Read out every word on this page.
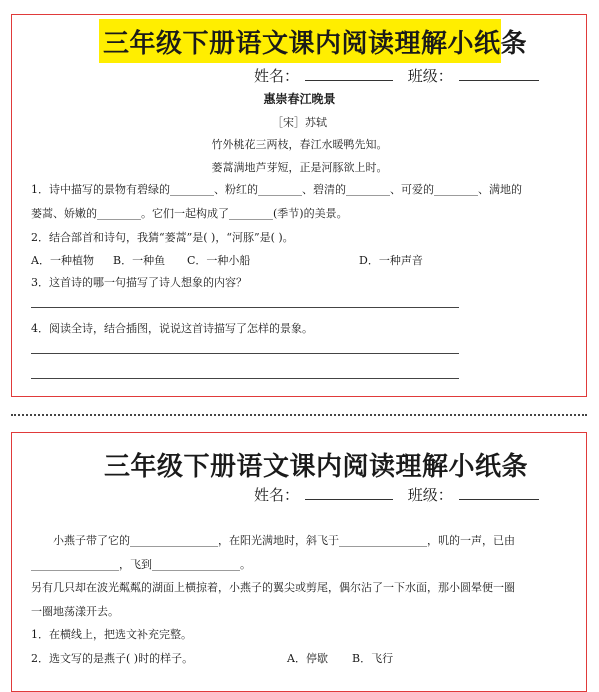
三年级下册语文课内阅读理解小纸条
姓名：	班级：
惠崇春江晚景
［宋］苏轼
竹外桃花三两枝，春江水暖鸭先知。
蒌蒿满地芦芽短，正是河豚欲上时。
1．诗中描写的景物有碧绿的________、粉红的________、碧清的________、可爱的________、满地的
蒌蒿、娇嫩的________。它们一起构成了________(季节)的美景。
2．结合部首和诗句，我猜“蒌蒿”是( )，“河豚”是( )。
A．一种植物 B．一种鱼 C．一种小船	D．一种声音
3．这首诗的哪一句描写了诗人想象的内容？
4．阅读全诗，结合插图，说说这首诗描写了怎样的景象。
三年级下册语文课内阅读理解小纸条
姓名：	班级：
小燕子带了它的________________，在阳光满地时，斜飞于________________，叽的一声，已由
________________，飞到________________。
另有几只却在波光粼粼的湖面上横掠着，小燕子的翼尖或剪尾，偶尔沾了一下水面，那小圆晕便一圈
一圈地荡漾开去。
1．在横线上，把选文补充完整。
2．选文写的是燕子( )时的样子。	A．停歇 B．飞行
